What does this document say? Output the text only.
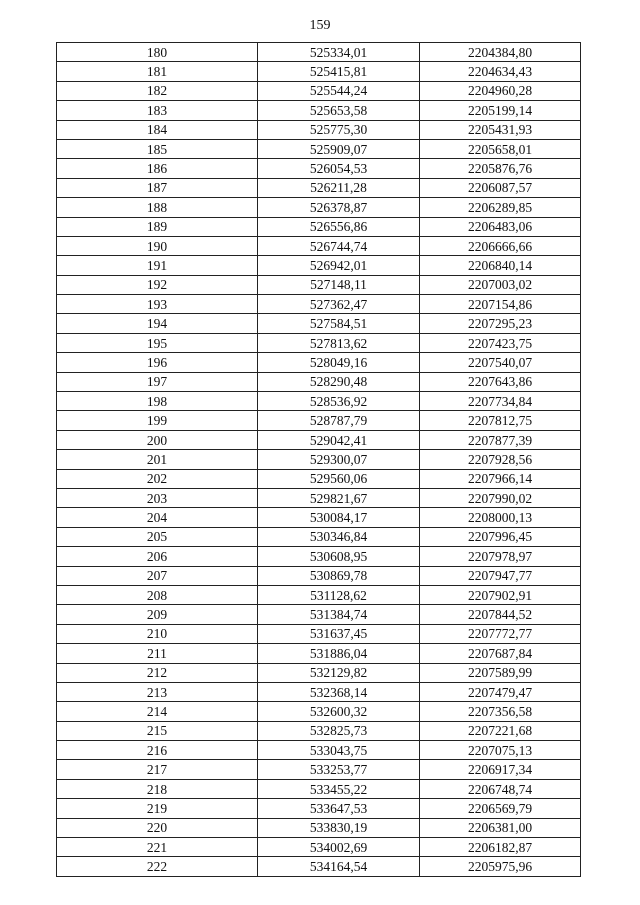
159
180	525334,01	2204384,80
181	525415,81	2204634,43
182	525544,24	2204960,28
183	525653,58	2205199,14
184	525775,30	2205431,93
185	525909,07	2205658,01
186	526054,53	2205876,76
187	526211,28	2206087,57
188	526378,87	2206289,85
189	526556,86	2206483,06
190	526744,74	2206666,66
191	526942,01	2206840,14
192	527148,11	2207003,02
193	527362,47	2207154,86
194	527584,51	2207295,23
195	527813,62	2207423,75
196	528049,16	2207540,07
197	528290,48	2207643,86
198	528536,92	2207734,84
199	528787,79	2207812,75
200	529042,41	2207877,39
201	529300,07	2207928,56
202	529560,06	2207966,14
203	529821,67	2207990,02
204	530084,17	2208000,13
205	530346,84	2207996,45
206	530608,95	2207978,97
207	530869,78	2207947,77
208	531128,62	2207902,91
209	531384,74	2207844,52
210	531637,45	2207772,77
211	531886,04	2207687,84
212	532129,82	2207589,99
213	532368,14	2207479,47
214	532600,32	2207356,58
215	532825,73	2207221,68
216	533043,75	2207075,13
217	533253,77	2206917,34
218	533455,22	2206748,74
219	533647,53	2206569,79
220	533830,19	2206381,00
221	534002,69	2206182,87
222	534164,54	2205975,96
